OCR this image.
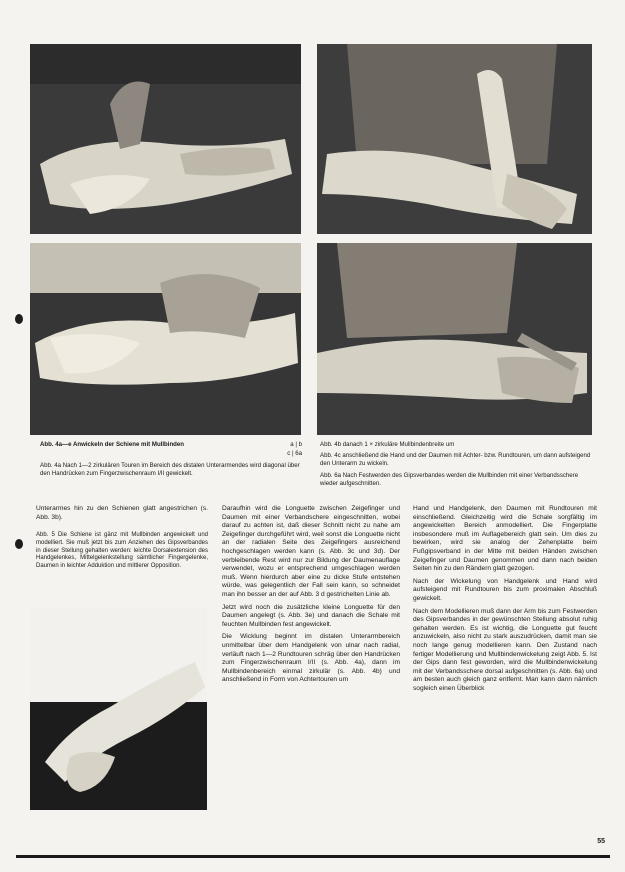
Abb. 4a—e Anwickeln der Schiene mit Mullbinden	a | b
c | 6a
Abb. 4b danach 1 × zirkuläre Mullbindenbreite um
Abb. 4a Nach 1—2 zirkulären Touren im Bereich des distalen Unterarmendes wird diagonal über den Handrücken zum Fingerzwischenraum I/II gewickelt.
Abb. 4c anschließend die Hand und der Daumen mit Achter- bzw. Rundtouren, um dann aufsteigend den Unterarm zu wickeln.
Abb. 6a Nach Festwerden des Gipsverbandes werden die Mullbinden mit einer Verbandsschere wieder aufgeschnitten.

Unterarmes hin zu den Schienen glatt angestrichen (s. Abb. 3b).

Abb. 5 Die Schiene ist gänz mit Mullbinden angewickelt und modelliert. Sie muß jetzt bis zum Anziehen des Gipsverbandes in dieser Stellung gehalten werden: leichte Dorsalextension des Handgelenkes, Mittelgelenkstellung sämtlicher Fingergelenke, Daumen in leichter Adduktion und mittlerer Opposition.

Daraufhin wird die Longuette zwischen Zeigefinger und Daumen mit einer Verbandschere eingeschnitten, wobei darauf zu achten ist, daß dieser Schnitt nicht zu nahe am Zeigefinger durchgeführt wird, weil sonst die Longuette nicht an der radialen Seite des Zeigefingers ausreichend hochgeschlagen werden kann (s. Abb. 3c und 3d). Der verbleibende Rest wird nur zur Bildung der Daumenauflage verwendet, wozu er entsprechend umgeschlagen werden muß. Wenn hierdurch aber eine zu dicke Stufe entstehen würde, was gelegentlich der Fall sein kann, so schneidet man ihn besser an der auf Abb. 3 d gestrichelten Linie ab.

Jetzt wird noch die zusätzliche kleine Longuette für den Daumen angelegt (s. Abb. 3e) und danach die Schale mit feuchten Mullbinden fest angewickelt.

Die Wicklung beginnt im distalen Unterarmbereich unmittelbar über dem Handgelenk von ulnar nach radial, verläuft nach 1—2 Rundtouren schräg über den Handrücken zum Fingerzwischenraum I/II (s. Abb. 4a), dann im Mullbindenbereich einmal zirkulär (s. Abb. 4b) und anschließend in Form von Achtertouren um

Hand und Handgelenk, den Daumen mit Rundtouren mit einschließend. Gleichzeitig wird die Schale sorgfältig im angewickelten Bereich anmodelliert. Die Fingerplatte insbesondere muß im Auflagebereich glatt sein. Um dies zu bewirken, wird sie analog der Zehenplatte beim Fußgipsverband in der Mitte mit beiden Händen zwischen Zeigefinger und Daumen genommen und dann nach beiden Seiten hin zu den Rändern glatt gezogen.

Nach der Wickelung von Handgelenk und Hand wird aufsteigend mit Rundtouren bis zum proximalen Abschluß gewickelt.

Nach dem Modellieren muß dann der Arm bis zum Festwerden des Gipsverbandes in der gewünschten Stellung absolut ruhig gehalten werden. Es ist wichtig, die Longuette gut feucht anzuwickeln, also nicht zu stark auszudrücken, damit man sie noch lange genug modellieren kann. Den Zustand nach fertiger Modellierung und Mullbindenwickelung zeigt Abb. 5. Ist der Gips dann fest geworden, wird die Mullbindenwickelung mit der Verbandsschere dorsal aufgeschnitten (s. Abb. 6a) und am besten auch gleich ganz entfernt. Man kann dann nämlich sogleich einen Überblick

55
